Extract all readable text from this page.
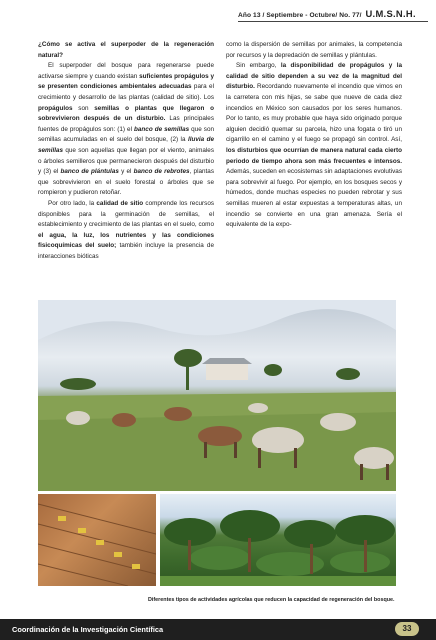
Año 13 / Septiembre - Octubre/ No. 77/ U.M.S.N.H.

¿Cómo se activa el superpoder de la regeneración natural?

El superpoder del bosque para regenerarse puede activarse siempre y cuando existan suficientes propágulos y se presenten condiciones ambientales adecuadas para el crecimiento y desarrollo de las plantas (calidad de sitio). Los propágulos son semillas o plantas que llegaron o sobrevivieron después de un disturbio. Las principales fuentes de propágulos son: (1) el banco de semillas que son semillas acumuladas en el suelo del bosque, (2) la lluvia de semillas que son aquellas que llegan por el viento, animales o árboles semilleros que permanecieron después del disturbio y (3) el banco de plántulas y el banco de rebrotes, plantas que sobrevivieron en el suelo forestal o árboles que se rompieron y pudieron retoñar.

Por otro lado, la calidad de sitio comprende los recursos disponibles para la germinación de semillas, el establecimiento y crecimiento de las plantas en el suelo, como el agua, la luz, los nutrientes y las condiciones fisicoquímicas del suelo; también incluye la presencia de interacciones bióticas

como la dispersión de semillas por animales, la competencia por recursos y la depredación de semillas y plántulas.

Sin embargo, la disponibilidad de propágulos y la calidad de sitio dependen a su vez de la magnitud del disturbio. Recordando nuevamente el incendio que vimos en la carretera con mis hijas, se sabe que nueve de cada diez incendios en México son causados por los seres humanos. Por lo tanto, es muy probable que haya sido originado porque alguien decidió quemar su parcela, hizo una fogata o tiró un cigarrillo en el camino y el fuego se propagó sin control. Así, los disturbios que ocurrían de manera natural cada cierto periodo de tiempo ahora son más frecuentes e intensos. Además, suceden en ecosistemas sin adaptaciones evolutivas para sobrevivir al fuego. Por ejemplo, en los bosques secos y húmedos, donde muchas especies no pueden rebrotar y sus semillas mueren al estar expuestas a temperaturas altas, un incendio se convierte en una gran amenaza. Sería el equivalente de la expo-

Diferentes tipos de actividades agrícolas que reducen la capacidad de regeneración del bosque.
Coordinación de la Investigación Científica	33
